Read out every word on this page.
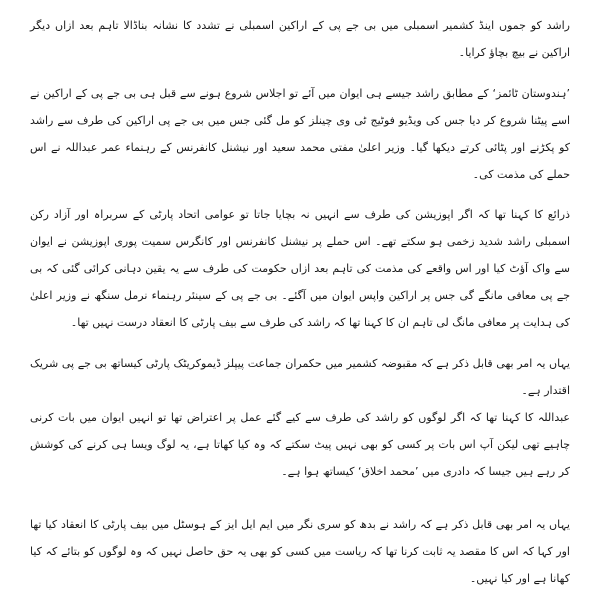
راشد کو جموں اینڈ کشمیر اسمبلی میں بی جے پی کے اراکین اسمبلی نے تشدد کا نشانہ بناڈالا تاہم بعد ازاں دیگر اراکین نے بیچ بچاؤ کرایا۔

’ہندوستان ٹائمز‘ کے مطابق راشد جیسے ہی ایوان میں آئے تو اجلاس شروع ہونے سے قبل ہی بی جے پی کے اراکین نے اسے پیٹنا شروع کر دیا جس کی ویڈیو فوٹیج ٹی وی چینلز کو مل گئی جس میں بی جے پی اراکین کی طرف سے راشد کو پکڑنے اور پٹائی کرتے دیکھا گیا۔ وزیر اعلیٰ مفتی محمد سعید اور نیشنل کانفرنس کے رہنماء عمر عبداللہ نے اس حملے کی مذمت کی۔

ذرائع کا کہنا تھا کہ اگر اپوزیشن کی طرف سے انہیں نہ بچایا جاتا تو عوامی اتحاد پارٹی کے سربراہ اور آزاد رکن اسمبلی راشد شدید زخمی ہو سکتے تھے۔ اس حملے پر نیشنل کانفرنس اور کانگرس سمیت پوری اپوزیشن نے ایوان سے واک آؤٹ کیا اور اس واقعے کی مذمت کی تاہم بعد ازاں حکومت کی طرف سے یہ یقین دہانی کرائی گئی کہ بی جے پی معافی مانگے گی جس پر اراکین واپس ایوان میں آگئے۔ بی جے پی کے سینئر رہنماء نرمل سنگھ نے وزیر اعلیٰ کی ہدایت پر معافی مانگ لی تاہم ان کا کہنا تھا کہ راشد کی طرف سے بیف پارٹی کا انعقاد درست نہیں تھا۔

یہاں یہ امر بھی قابل ذکر ہے کہ مقبوضہ کشمیر میں حکمران جماعت پیپلز ڈیموکریٹک پارٹی کیساتھ بی جے پی شریک اقتدار ہے۔

عبداللہ کا کہنا تھا کہ اگر لوگوں کو راشد کی طرف سے کیے گئے عمل پر اعتراض تھا تو انہیں ایوان میں بات کرنی چاہیے تھی لیکن آپ اس بات پر کسی کو بھی نہیں پیٹ سکتے کہ وہ کیا کھاتا ہے، یہ لوگ ویسا ہی کرنے کی کوشش کر رہے ہیں جیسا کہ دادری میں ’محمد اخلاق‘ کیساتھ ہوا ہے۔

یہاں یہ امر بھی قابل ذکر ہے کہ راشد نے بدھ کو سری نگر میں ایم ایل ایز کے ہوسٹل میں بیف پارٹی کا انعقاد کیا تھا اور کہا کہ اس کا مقصد یہ ثابت کرنا تھا کہ ریاست میں کسی کو بھی یہ حق حاصل نہیں کہ وہ لوگوں کو بتائے کہ کیا کھانا ہے اور کیا نہیں۔
